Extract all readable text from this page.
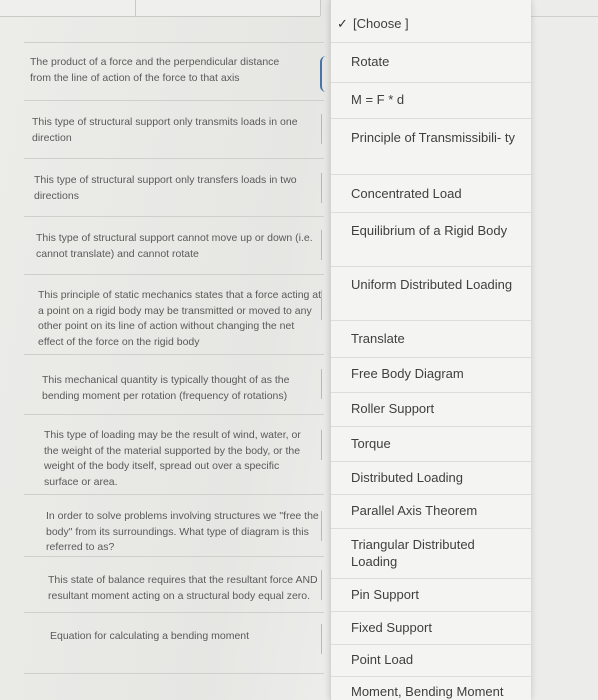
The product of a force and the perpendicular distance from the line of action of the force to that axis
This type of structural support only transmits loads in one direction
This type of structural support only transfers loads in two directions
This type of structural support cannot move up or down (i.e. cannot translate) and cannot rotate
This principle of static mechanics states that a force acting at a point on a rigid body may be transmitted or moved to any other point on its line of action without changing the net effect of the force on the rigid body
This mechanical quantity is typically thought of as the bending moment per rotation (frequency of rotations)
This type of loading may be the result of wind, water, or the weight of the material supported by the body, or the weight of the body itself, spread out over a specific surface or area.
In order to solve problems involving structures we "free the body" from its surroundings. What type of diagram is this referred to as?
This state of balance requires that the resultant force AND resultant moment acting on a structural body equal zero.
Equation for calculating a bending moment
✓ [Choose ]
Rotate
M = F * d
Principle of Transmissibili- ty
Concentrated Load
Equilibrium of a Rigid Body
Uniform Distributed Loading
Translate
Free Body Diagram
Roller Support
Torque
Distributed Loading
Parallel Axis Theorem
Triangular Distributed Loading
Pin Support
Fixed Support
Point Load
Moment, Bending Moment
